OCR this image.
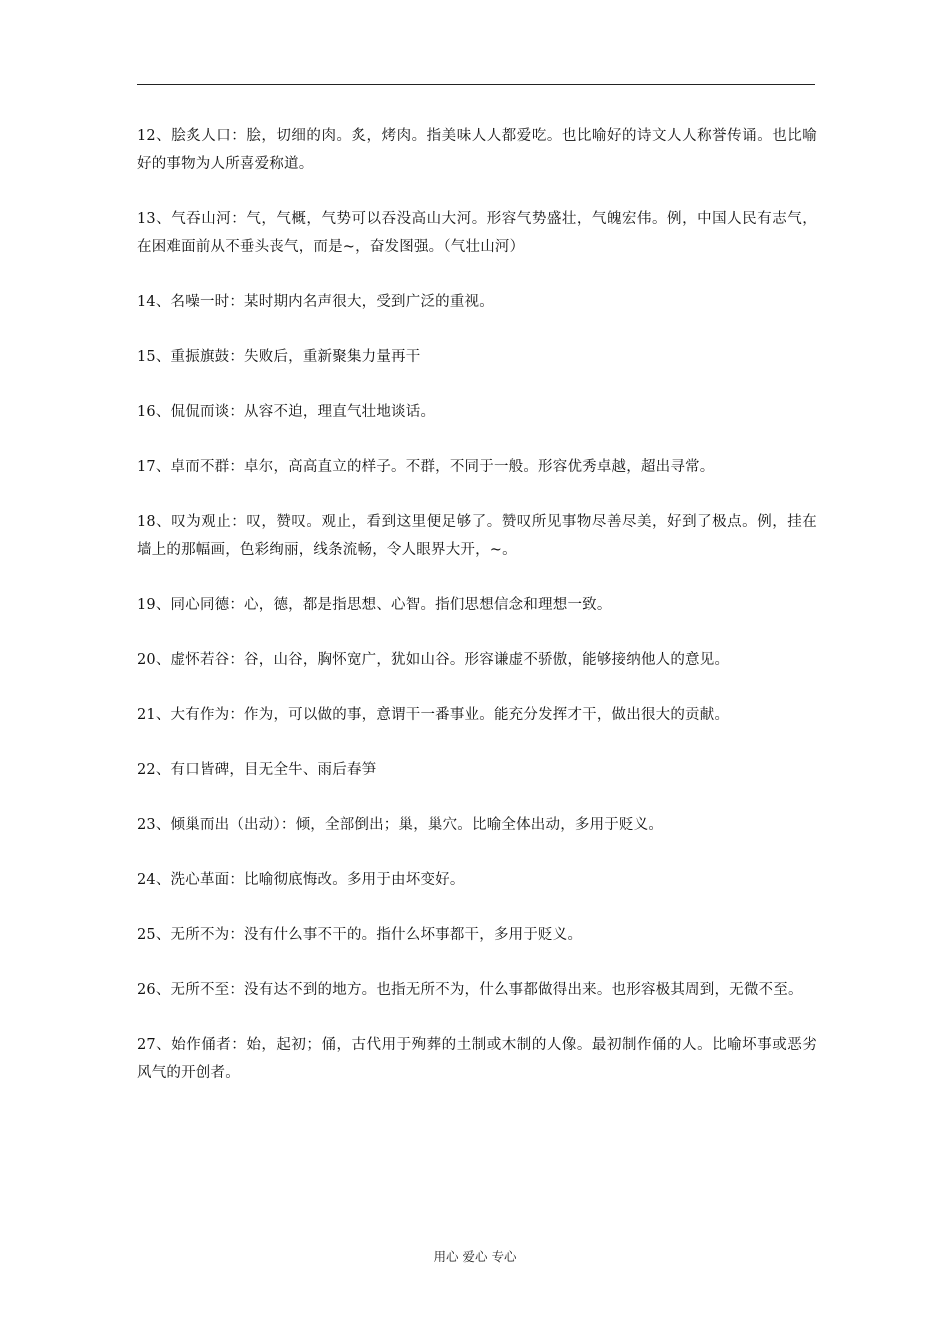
12、脍炙人口：脍，切细的肉。炙，烤肉。指美味人人都爱吃。也比喻好的诗文人人称誉传诵。也比喻好的事物为人所喜爱称道。

13、气吞山河：气，气概，气势可以吞没高山大河。形容气势盛壮，气魄宏伟。例，中国人民有志气，在困难面前从不垂头丧气，而是~，奋发图强。（气壮山河）

14、名噪一时：某时期内名声很大，受到广泛的重视。

15、重振旗鼓：失败后，重新聚集力量再干

16、侃侃而谈：从容不迫，理直气壮地谈话。

17、卓而不群：卓尔，高高直立的样子。不群，不同于一般。形容优秀卓越，超出寻常。

18、叹为观止：叹，赞叹。观止，看到这里便足够了。赞叹所见事物尽善尽美，好到了极点。例，挂在墙上的那幅画，色彩绚丽，线条流畅，令人眼界大开，~。

19、同心同德：心，德，都是指思想、心智。指们思想信念和理想一致。

20、虚怀若谷：谷，山谷，胸怀宽广，犹如山谷。形容谦虚不骄傲，能够接纳他人的意见。

21、大有作为：作为，可以做的事，意谓干一番事业。能充分发挥才干，做出很大的贡献。

22、有口皆碑，目无全牛、雨后春笋

23、倾巢而出（出动）：倾，全部倒出；巢，巢穴。比喻全体出动，多用于贬义。

24、洗心革面：比喻彻底悔改。多用于由坏变好。

25、无所不为：没有什么事不干的。指什么坏事都干，多用于贬义。

26、无所不至：没有达不到的地方。也指无所不为，什么事都做得出来。也形容极其周到，无微不至。

27、始作俑者：始，起初；俑，古代用于殉葬的土制或木制的人像。最初制作俑的人。比喻坏事或恶劣风气的开创者。

用心 爱心 专心
